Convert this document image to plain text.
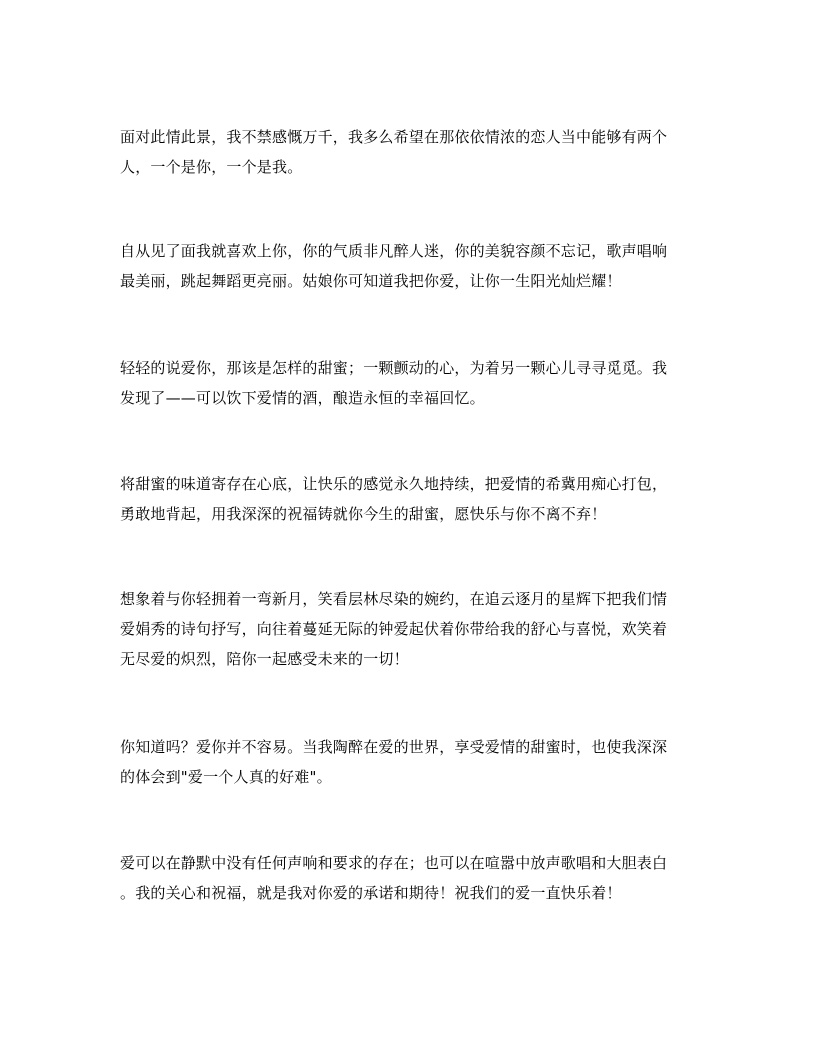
面对此情此景，我不禁感慨万千，我多么希望在那依依情浓的恋人当中能够有两个
人，一个是你，一个是我。

自从见了面我就喜欢上你，你的气质非凡醉人迷，你的美貌容颜不忘记，歌声唱响
最美丽，跳起舞蹈更亮丽。姑娘你可知道我把你爱，让你一生阳光灿烂耀！

轻轻的说爱你，那该是怎样的甜蜜；一颗颤动的心，为着另一颗心儿寻寻觅觅。我
发现了——可以饮下爱情的酒，酿造永恒的幸福回忆。

将甜蜜的味道寄存在心底，让快乐的感觉永久地持续，把爱情的希冀用痴心打包，
勇敢地背起，用我深深的祝福铸就你今生的甜蜜，愿快乐与你不离不弃！

想象着与你轻拥着一弯新月，笑看层林尽染的婉约，在追云逐月的星辉下把我们情
爱娟秀的诗句抒写，向往着蔓延无际的钟爱起伏着你带给我的舒心与喜悦，欢笑着
无尽爱的炽烈，陪你一起感受未来的一切！

你知道吗？爱你并不容易。当我陶醉在爱的世界，享受爱情的甜蜜时，也使我深深
的体会到"爱一个人真的好难"。

爱可以在静默中没有任何声响和要求的存在；也可以在喧嚣中放声歌唱和大胆表白
。我的关心和祝福，就是我对你爱的承诺和期待！祝我们的爱一直快乐着！
